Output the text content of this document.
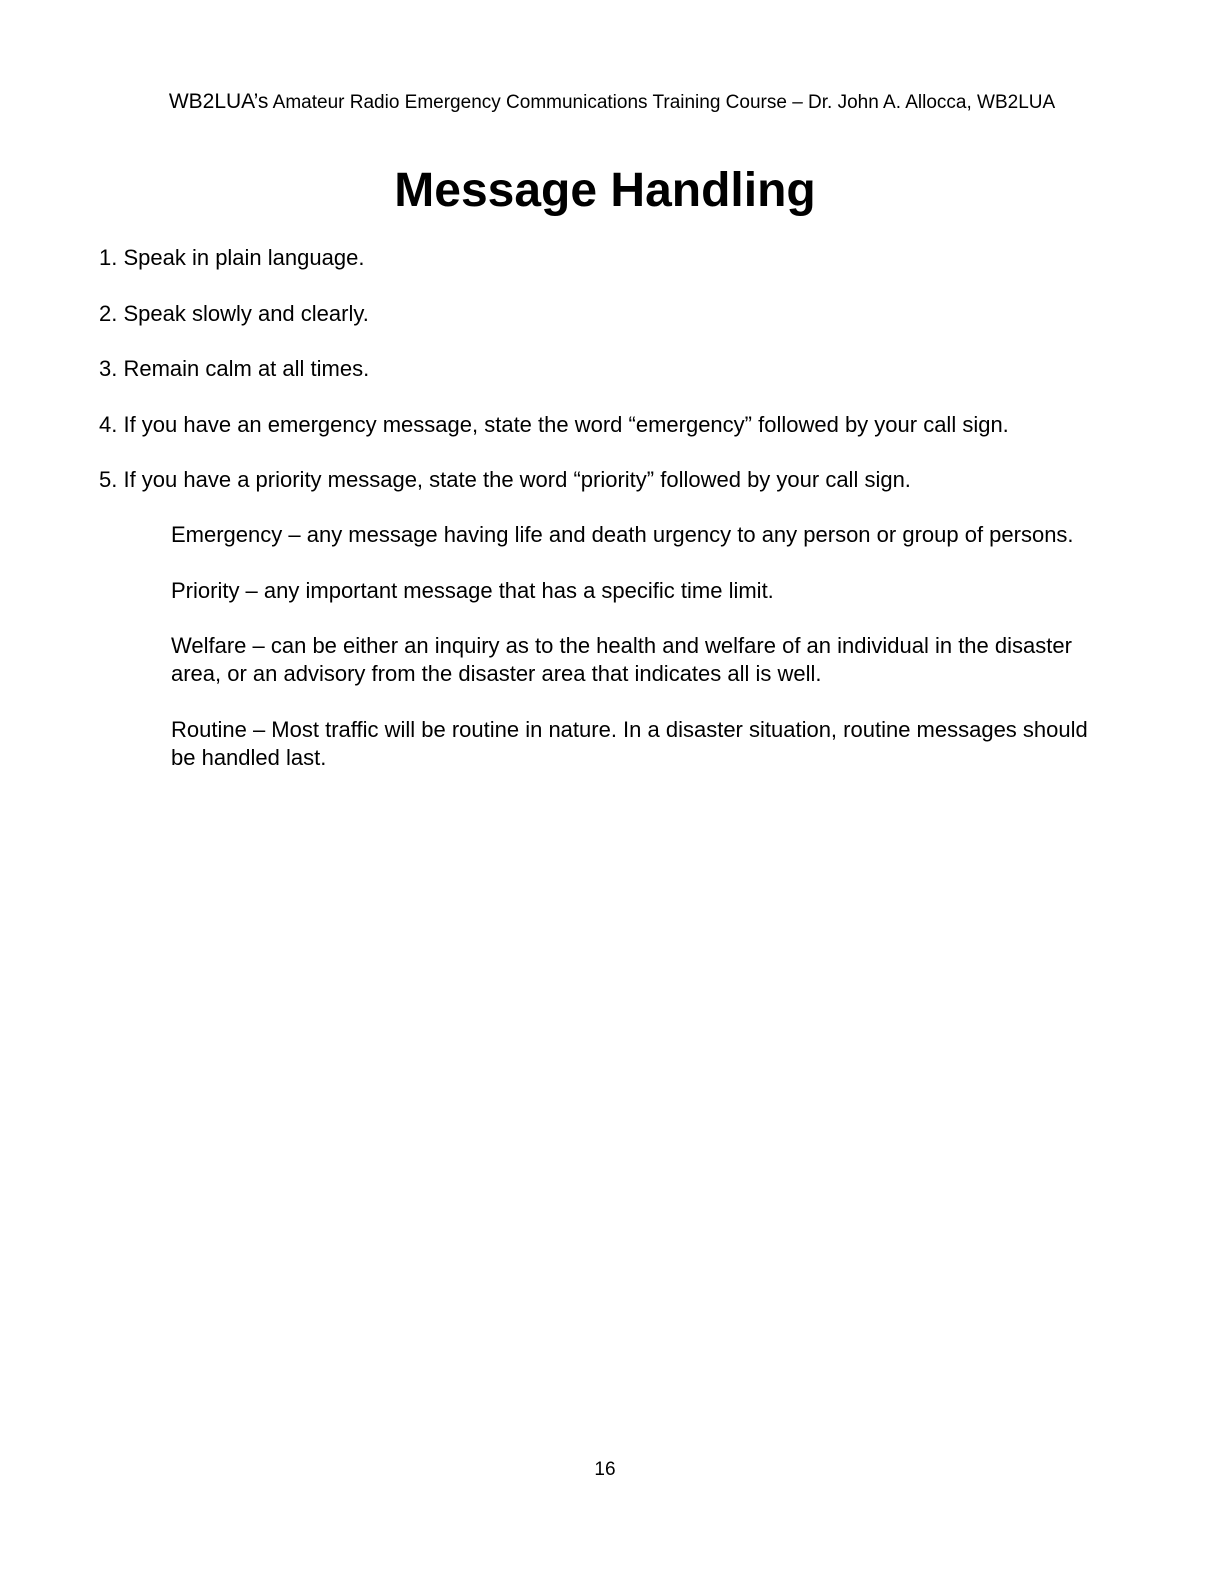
WB2LUA’s Amateur Radio Emergency Communications Training Course – Dr. John A. Allocca, WB2LUA
Message Handling
1. Speak in plain language.
2. Speak slowly and clearly.
3. Remain calm at all times.
4. If you have an emergency message, state the word “emergency” followed by your call sign.
5. If you have a priority message, state the word “priority” followed by your call sign.

Emergency – any message having life and death urgency to any person or group of persons.

Priority – any important message that has a specific time limit.

Welfare – can be either an inquiry as to the health and welfare of an individual in the disaster area, or an advisory from the disaster area that indicates all is well.

Routine – Most traffic will be routine in nature. In a disaster situation, routine messages should be handled last.

16
